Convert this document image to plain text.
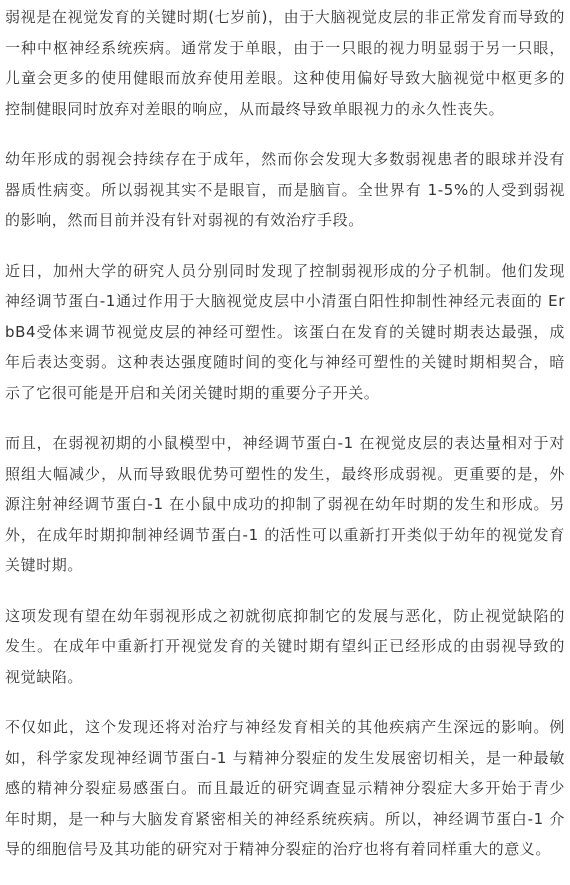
弱视是在视觉发育的关键时期(七岁前)，由于大脑视觉皮层的非正常发育而导致的一种中枢神经系统疾病。通常发于单眼，由于一只眼的视力明显弱于另一只眼，儿童会更多的使用健眼而放弃使用差眼。这种使用偏好导致大脑视觉中枢更多的控制健眼同时放弃对差眼的响应，从而最终导致单眼视力的永久性丧失。

幼年形成的弱视会持续存在于成年，然而你会发现大多数弱视患者的眼球并没有器质性病变。所以弱视其实不是眼盲，而是脑盲。全世界有 1-5%的人受到弱视的影响，然而目前并没有针对弱视的有效治疗手段。

近日，加州大学的研究人员分别同时发现了控制弱视形成的分子机制。他们发现神经调节蛋白-1通过作用于大脑视觉皮层中小清蛋白阳性抑制性神经元表面的 ErbB4受体来调节视觉皮层的神经可塑性。该蛋白在发育的关键时期表达最强，成年后表达变弱。这种表达强度随时间的变化与神经可塑性的关键时期相契合，暗示了它很可能是开启和关闭关键时期的重要分子开关。

而且，在弱视初期的小鼠模型中，神经调节蛋白-1 在视觉皮层的表达量相对于对照组大幅减少，从而导致眼优势可塑性的发生，最终形成弱视。更重要的是，外源注射神经调节蛋白-1 在小鼠中成功的抑制了弱视在幼年时期的发生和形成。另外，在成年时期抑制神经调节蛋白-1 的活性可以重新打开类似于幼年的视觉发育关键时期。

这项发现有望在幼年弱视形成之初就彻底抑制它的发展与恶化，防止视觉缺陷的发生。在成年中重新打开视觉发育的关键时期有望纠正已经形成的由弱视导致的视觉缺陷。

不仅如此，这个发现还将对治疗与神经发育相关的其他疾病产生深远的影响。例如，科学家发现神经调节蛋白-1 与精神分裂症的发生发展密切相关，是一种最敏感的精神分裂症易感蛋白。而且最近的研究调查显示精神分裂症大多开始于青少年时期，是一种与大脑发育紧密相关的神经系统疾病。所以，神经调节蛋白-1 介导的细胞信号及其功能的研究对于精神分裂症的治疗也将有着同样重大的意义。
